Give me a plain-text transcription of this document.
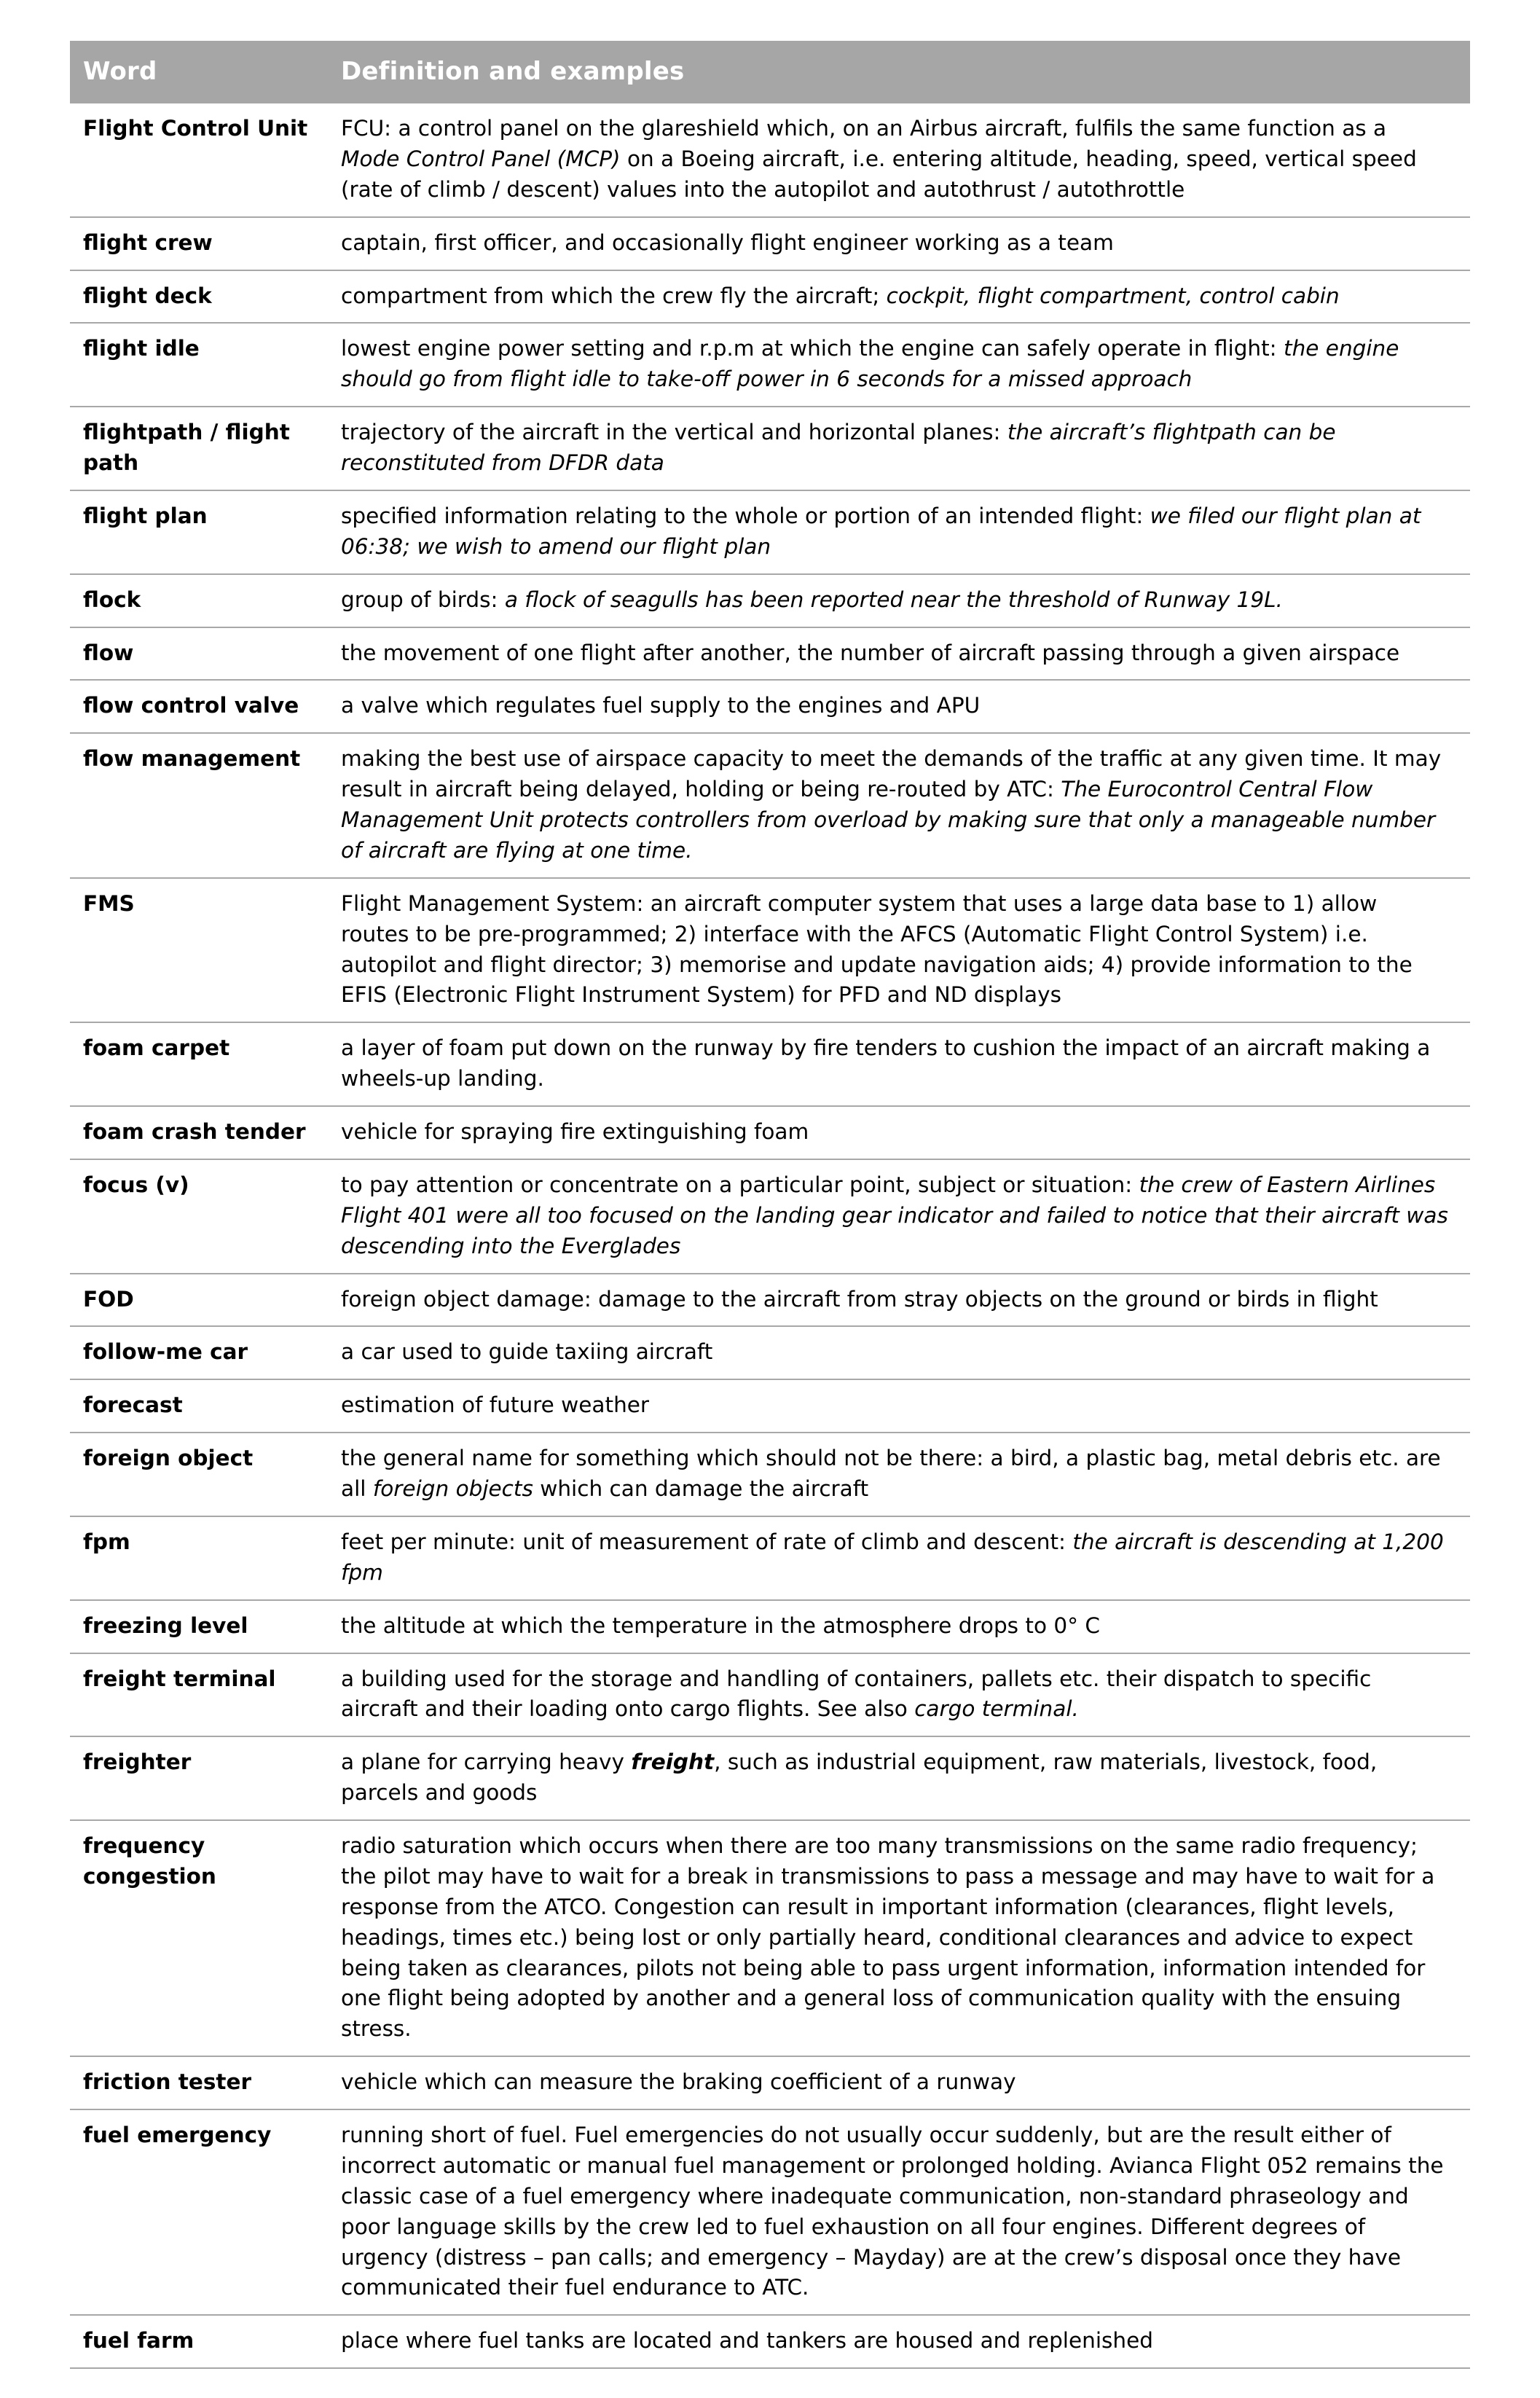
Word	Definition and examples
Flight Control Unit	FCU: a control panel on the glareshield which, on an Airbus aircraft, fulfils the same function as a Mode Control Panel (MCP) on a Boeing aircraft, i.e. entering altitude, heading, speed, vertical speed (rate of climb / descent) values into the autopilot and autothrust / autothrottle
flight crew	captain, first officer, and occasionally flight engineer working as a team
flight deck	compartment from which the crew fly the aircraft; cockpit, flight compartment, control cabin
flight idle	lowest engine power setting and r.p.m at which the engine can safely operate in flight: the engine should go from flight idle to take-off power in 6 seconds for a missed approach
flightpath / flight path	trajectory of the aircraft in the vertical and horizontal planes: the aircraft’s flightpath can be reconstituted from DFDR data
flight plan	specified information relating to the whole or portion of an intended flight: we filed our flight plan at 06:38; we wish to amend our flight plan
flock	group of birds: a flock of seagulls has been reported near the threshold of Runway 19L.
flow	the movement of one flight after another, the number of aircraft passing through a given airspace
flow control valve	a valve which regulates fuel supply to the engines and APU
flow management	making the best use of airspace capacity to meet the demands of the traffic at any given time. It may result in aircraft being delayed, holding or being re-routed by ATC: The Eurocontrol Central Flow Management Unit protects controllers from overload by making sure that only a manageable number of aircraft are flying at one time.
FMS	Flight Management System: an aircraft computer system that uses a large data base to 1) allow routes to be pre-programmed; 2) interface with the AFCS (Automatic Flight Control System) i.e. autopilot and flight director; 3) memorise and update navigation aids; 4) provide information to the EFIS (Electronic Flight Instrument System) for PFD and ND displays
foam carpet	a layer of foam put down on the runway by fire tenders to cushion the impact of an aircraft making a wheels-up landing.
foam crash tender	vehicle for spraying fire extinguishing foam
focus (v)	to pay attention or concentrate on a particular point, subject or situation: the crew of Eastern Airlines Flight 401 were all too focused on the landing gear indicator and failed to notice that their aircraft was descending into the Everglades
FOD	foreign object damage: damage to the aircraft from stray objects on the ground or birds in flight
follow-me car	a car used to guide taxiing aircraft
forecast	estimation of future weather
foreign object	the general name for something which should not be there: a bird, a plastic bag, metal debris etc. are all foreign objects which can damage the aircraft
fpm	feet per minute: unit of measurement of rate of climb and descent: the aircraft is descending at 1,200 fpm
freezing level	the altitude at which the temperature in the atmosphere drops to 0° C
freight terminal	a building used for the storage and handling of containers, pallets etc. their dispatch to specific aircraft and their loading onto cargo flights. See also cargo terminal.
freighter	a plane for carrying heavy freight, such as industrial equipment, raw materials, livestock, food, parcels and goods
frequency congestion	radio saturation which occurs when there are too many transmissions on the same radio frequency; the pilot may have to wait for a break in transmissions to pass a message and may have to wait for a response from the ATCO. Congestion can result in important information (clearances, flight levels, headings, times etc.) being lost or only partially heard, conditional clearances and advice to expect being taken as clearances, pilots not being able to pass urgent information, information intended for one flight being adopted by another and a general loss of communication quality with the ensuing stress.
friction tester	vehicle which can measure the braking coefficient of a runway
fuel emergency	running short of fuel. Fuel emergencies do not usually occur suddenly, but are the result either of incorrect automatic or manual fuel management or prolonged holding. Avianca Flight 052 remains the classic case of a fuel emergency where inadequate communication, non-standard phraseology and poor language skills by the crew led to fuel exhaustion on all four engines. Different degrees of urgency (distress – pan calls; and emergency – Mayday) are at the crew’s disposal once they have communicated their fuel endurance to ATC.
fuel farm	place where fuel tanks are located and tankers are housed and replenished
